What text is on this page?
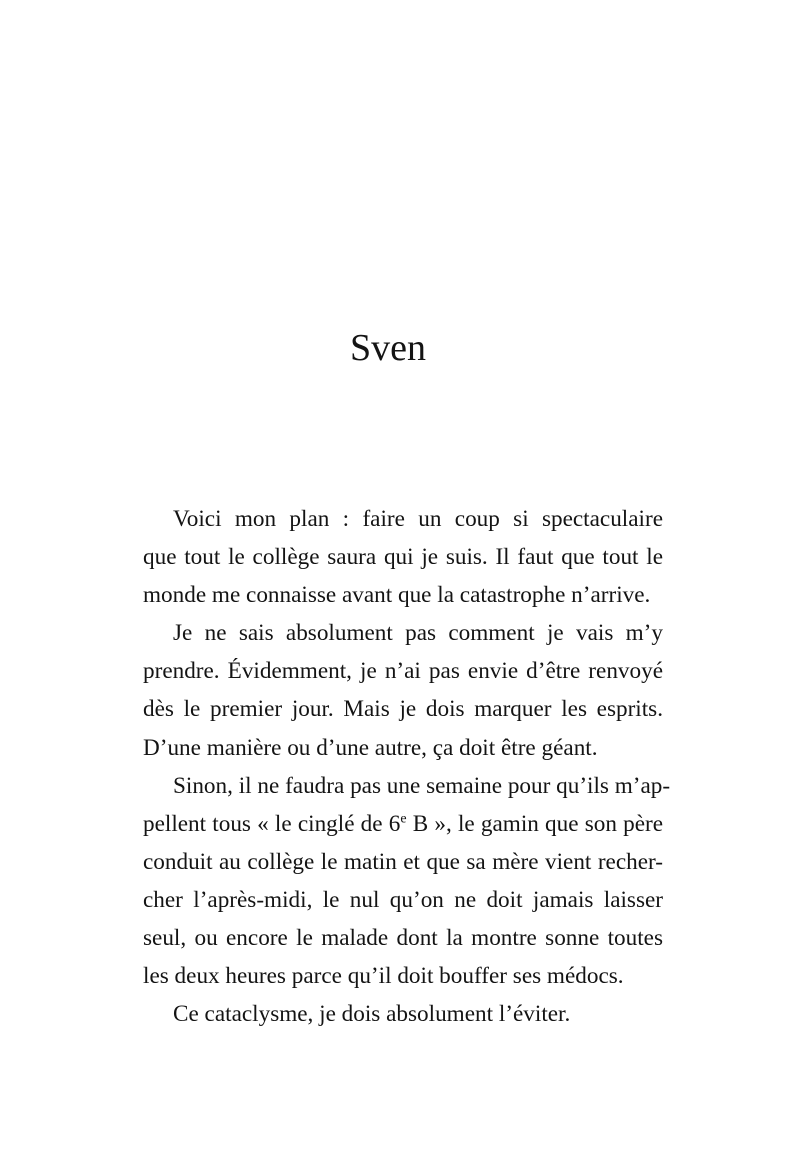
Sven

Voici mon plan : faire un coup si spectaculaire
que tout le collège saura qui je suis. Il faut que tout le
monde me connaisse avant que la catastrophe n’arrive.

Je ne sais absolument pas comment je vais m’y
prendre. Évidemment, je n’ai pas envie d’être renvoyé
dès le premier jour. Mais je dois marquer les esprits.
D’une manière ou d’une autre, ça doit être géant.

Sinon, il ne faudra pas une semaine pour qu’ils m’ap-
pellent tous « le cinglé de 6e B », le gamin que son père
conduit au collège le matin et que sa mère vient recher-
cher l’après-midi, le nul qu’on ne doit jamais laisser
seul, ou encore le malade dont la montre sonne toutes
les deux heures parce qu’il doit bouffer ses médocs.

Ce cataclysme, je dois absolument l’éviter.
